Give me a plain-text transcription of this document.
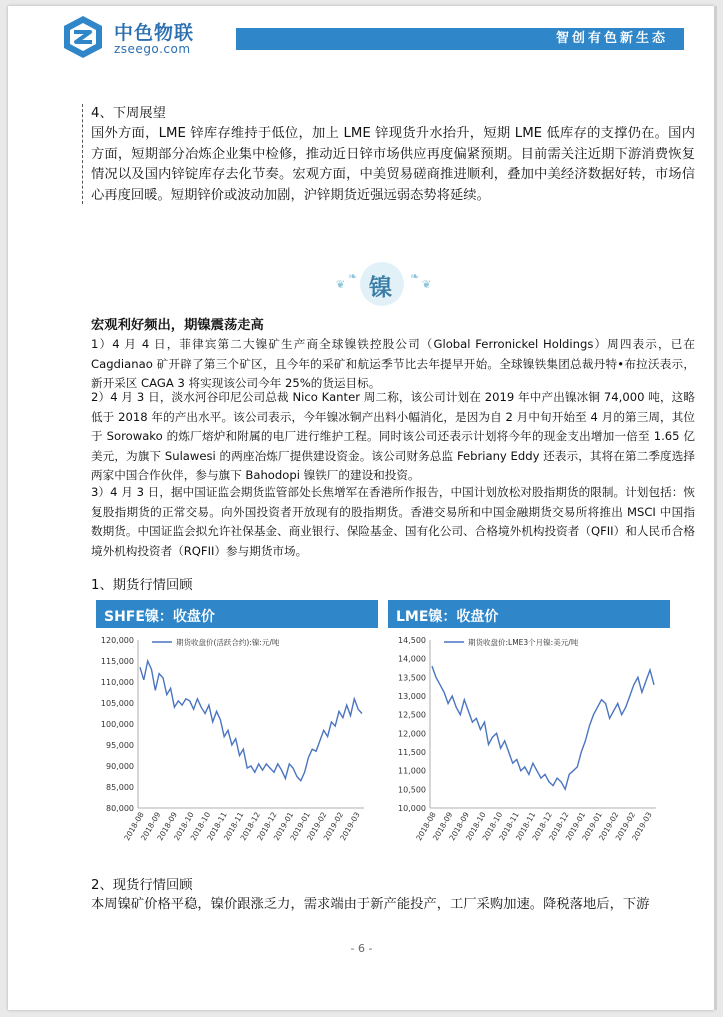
中色物联
zseego.com
智创有色新生态
4、下周展望
国外方面，LME 锌库存维持于低位，加上 LME 锌现货升水抬升，短期 LME 低库存的支撑仍在。国内方面，短期部分冶炼企业集中检修，推动近日锌市场供应再度偏紧预期。目前需关注近期下游消费恢复情况以及国内锌锭库存去化节奏。宏观方面，中美贸易磋商推进顺利，叠加中美经济数据好转，市场信心再度回暖。短期锌价或波动加剧，沪锌期货近强远弱态势将延续。
❦
❧ 镍 ❧
❦
宏观利好频出，期镍震荡走高
1）4 月 4 日，菲律宾第二大镍矿生产商全球镍铁控股公司（Global Ferronickel Holdings）周四表示，已在 Cagdianao 矿开辟了第三个矿区，且今年的采矿和航运季节比去年提早开始。全球镍铁集团总裁丹特•布拉沃表示，新开采区 CAGA 3 将实现该公司今年 25%的货运目标。
2）4 月 3 日，淡水河谷印尼公司总裁 Nico Kanter 周二称，该公司计划在 2019 年中产出镍冰铜 74,000 吨，这略低于 2018 年的产出水平。该公司表示，今年镍冰铜产出料小幅消化，是因为自 2 月中旬开始至 4 月的第三周，其位于 Sorowako 的炼厂熔炉和附属的电厂进行维护工程。同时该公司还表示计划将今年的现金支出增加一倍至 1.65 亿美元，为旗下 Sulawesi 的两座冶炼厂提供建设资金。该公司财务总监 Febriany Eddy 还表示，其将在第二季度选择两家中国合作伙伴，参与旗下 Bahodopi 镍铁厂的建设和投资。
3）4 月 3 日，据中国证监会期货监管部处长焦增军在香港所作报告，中国计划放松对股指期货的限制。计划包括：恢复股指期货的正常交易。向外国投资者开放现有的股指期货。香港交易所和中国金融期货交易所将推出 MSCI 中国指数期货。中国证监会拟允许社保基金、商业银行、保险基金、国有化公司、合格境外机构投资者（QFII）和人民币合格境外机构投资者（RQFII）参与期货市场。
1、期货行情回顾
SHFE镍：收盘价
120,000
115,000
110,000
105,000
100,000
95,000
90,000
85,000
80,000
期货收盘价(活跃合约):镍:元/吨
2018-08
2018-09
2018-09
2018-10
2018-10
2018-11
2018-11
2018-12
2018-12
2019-01
2019-01
2019-02
2019-02
2019-03
LME镍：收盘价
14,500
14,000
13,500
13,000
12,500
12,000
11,500
11,000
10,500
10,000
期货收盘价:LME3个月镍:美元/吨
2018-08
2018-09
2018-09
2018-10
2018-10
2018-11
2018-11
2018-12
2018-12
2019-01
2019-01
2019-02
2019-02
2019-03
2、现货行情回顾
本周镍矿价格平稳，镍价跟涨乏力，需求端由于新产能投产，工厂采购加速。降税落地后，下游
- 6 -
